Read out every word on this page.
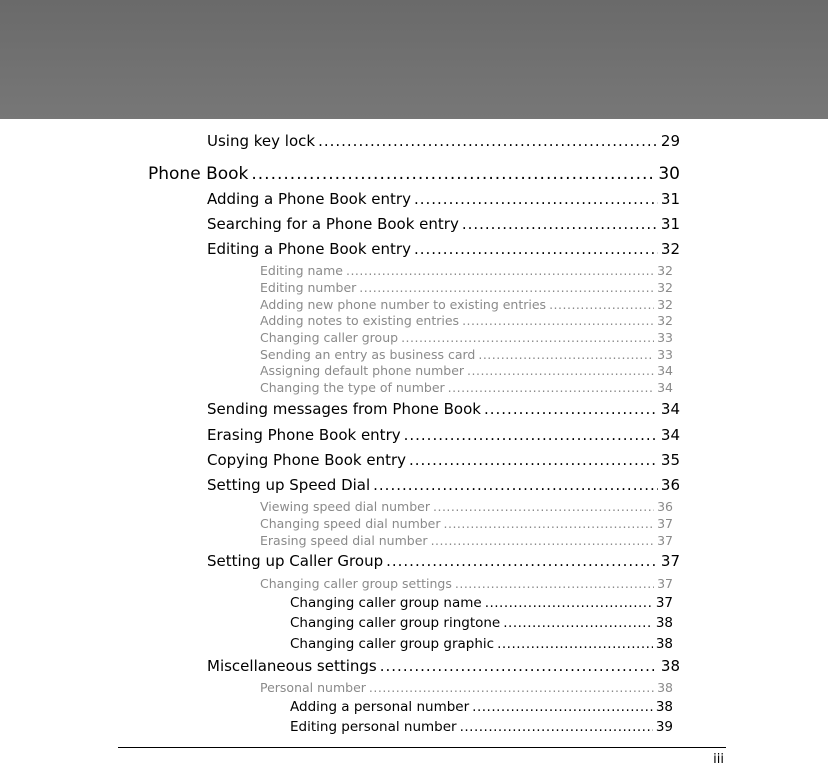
Using key lock .....	29
Phone Book .....	30
Adding a Phone Book entry .....	31
Searching for a Phone Book entry .....	31
Editing a Phone Book entry .....	32
Editing name .....	32
Editing number .....	32
Adding new phone number to existing entries .....	32
Adding notes to existing entries .....	32
Changing caller group .....	33
Sending an entry as business card .....	33
Assigning default phone number .....	34
Changing the type of number .....	34
Sending messages from Phone Book .....	34
Erasing Phone Book entry .....	34
Copying Phone Book entry .....	35
Setting up Speed Dial .....	36
Viewing speed dial number .....	36
Changing speed dial number .....	37
Erasing speed dial number .....	37
Setting up Caller Group .....	37
Changing caller group settings .....	37
Changing caller group name .....	37
Changing caller group ringtone .....	38
Changing caller group graphic .....	38
Miscellaneous settings .....	38
Personal number .....	38
Adding a personal number .....	38
Editing personal number .....	39
iii
